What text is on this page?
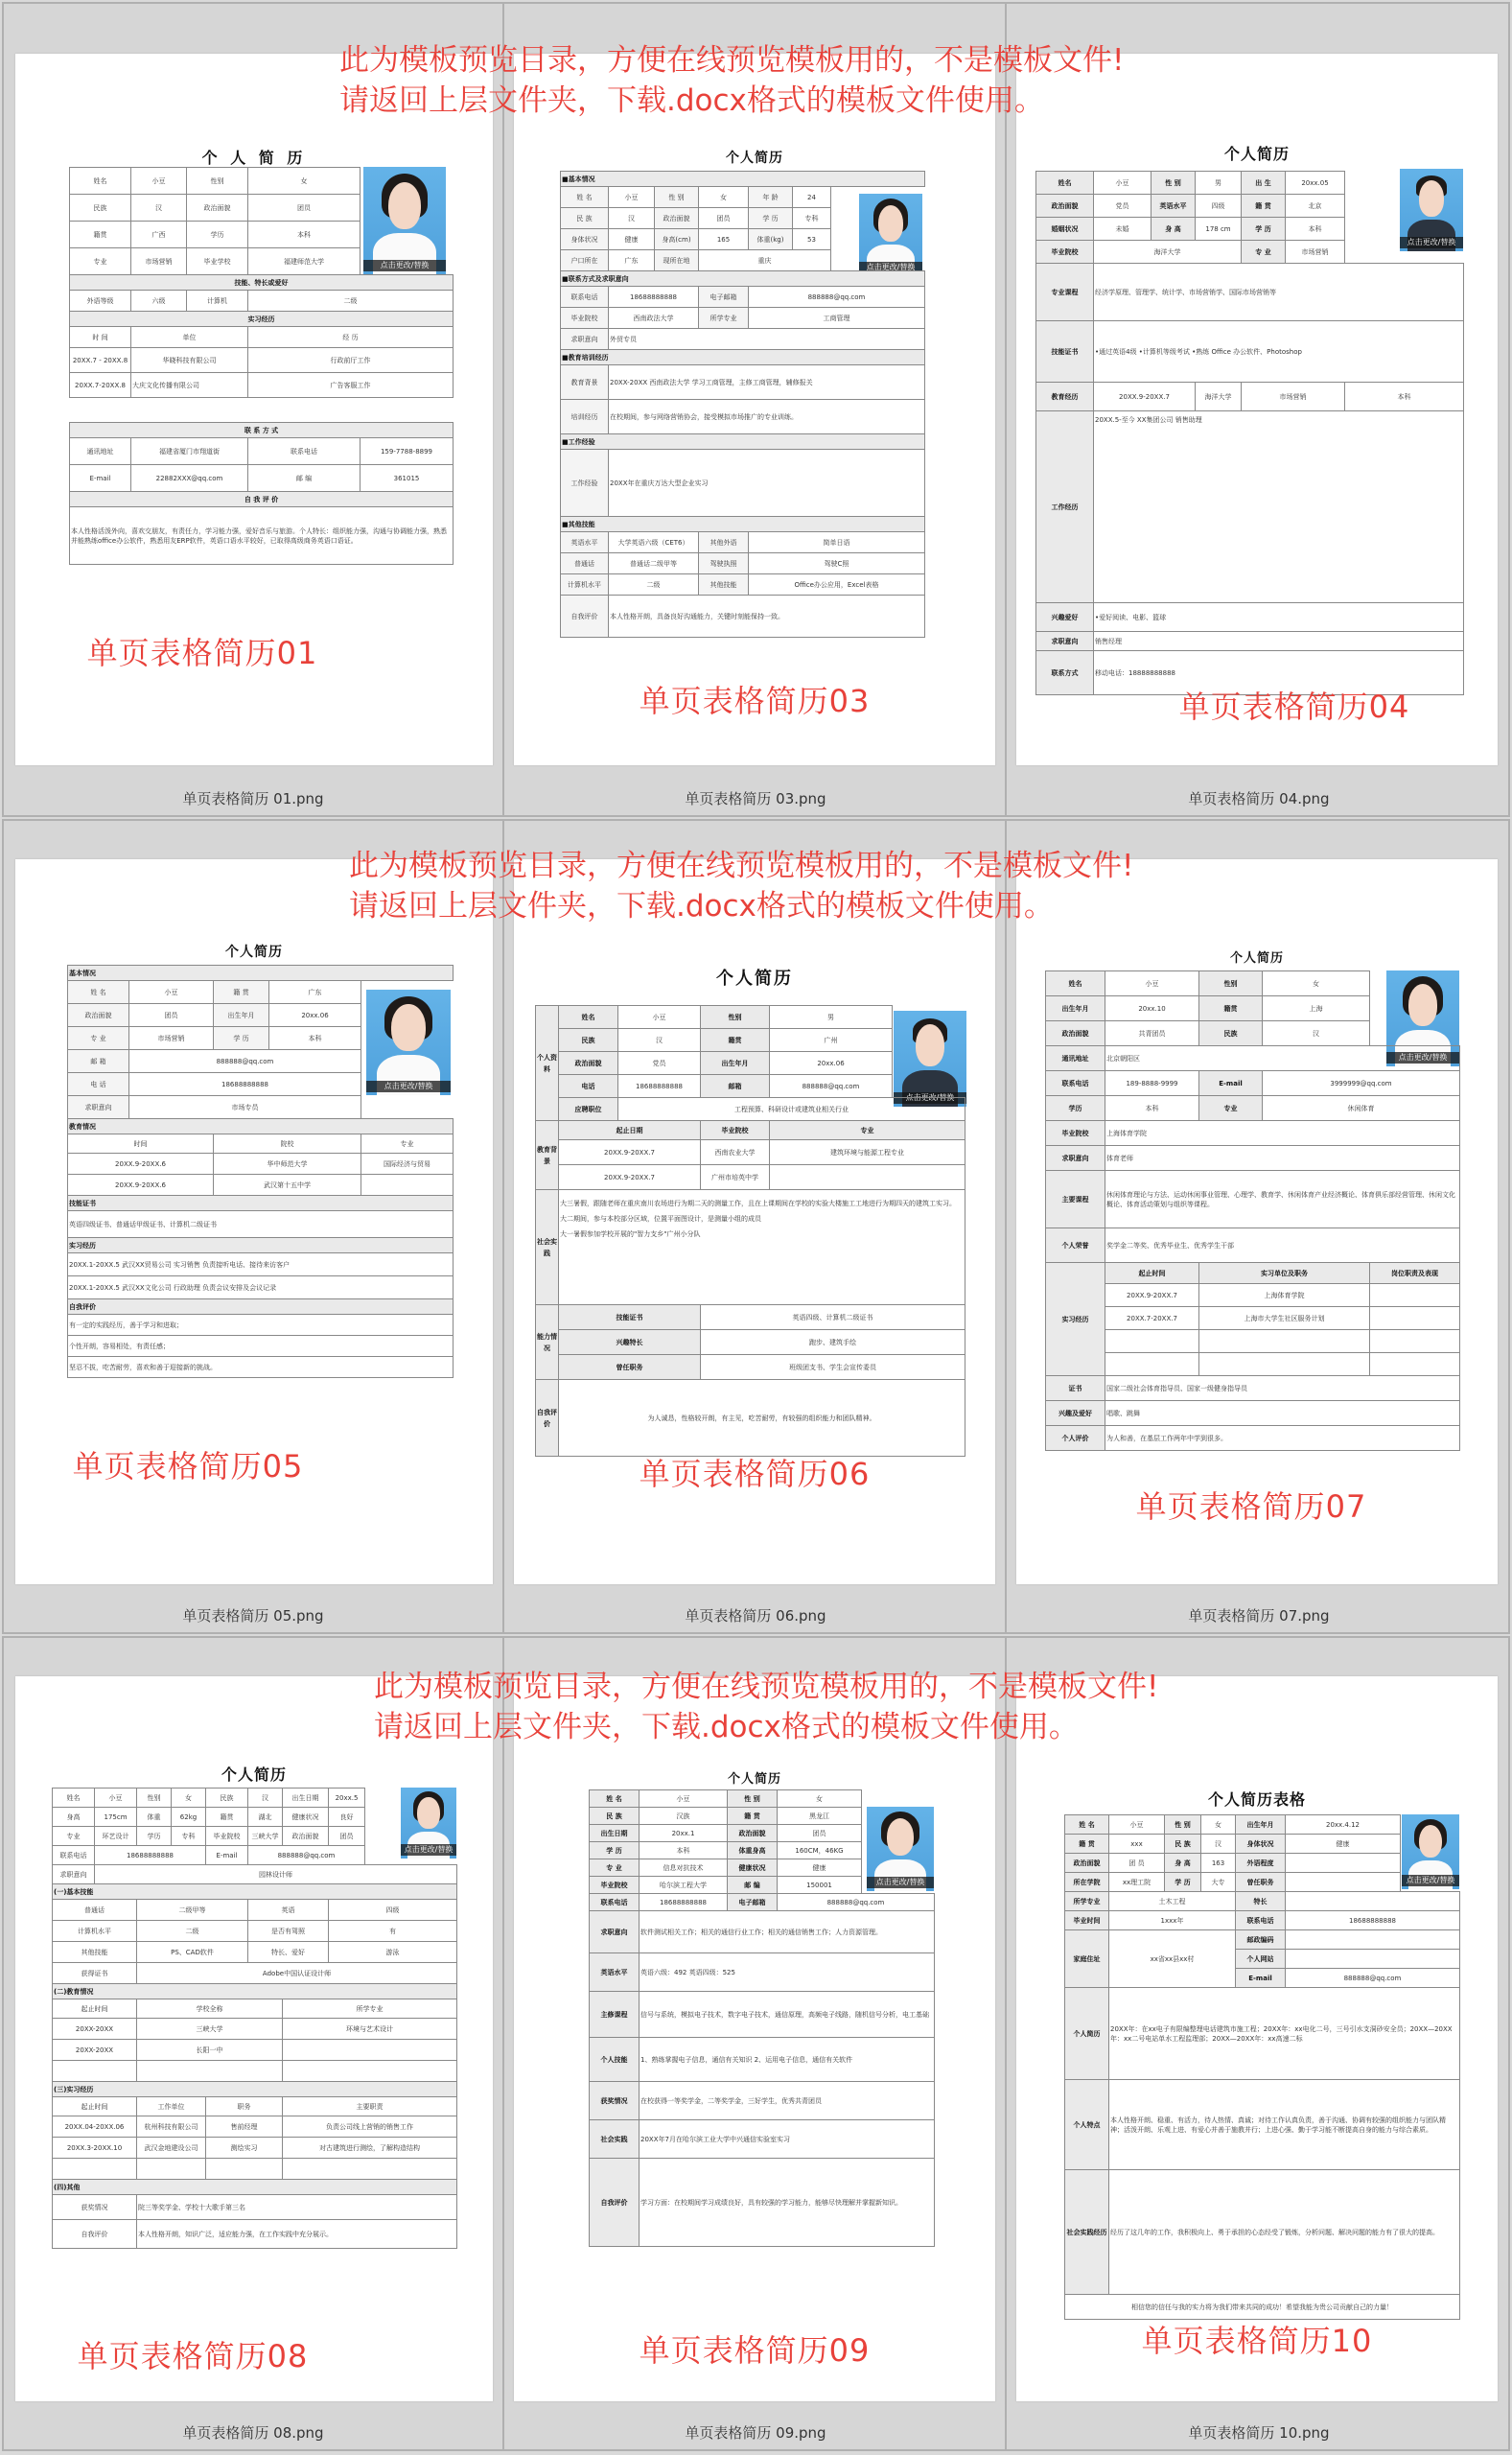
此为模板预览目录，方便在线预览模板用的，不是模板文件!
请返回上层文件夹，下载.docx格式的模板文件使用。
个 人 简 历
点击更改/替换
姓名	小豆	性别	女	
民族	汉	政治面貌	团员	
籍贯	广西	学历	本科	
专业	市场营销	毕业学校	福建师范大学	
技能、特长或爱好				
外语等级	六级	计算机	二级	
实习经历				
时 间	单位		经 历	
20XX.7 - 20XX.8	华晓科技有限公司		行政前厅工作	
20XX.7-20XX.8	大庆文化传播有限公司		广告客服工作	

联 系 方 式				
通讯地址	福建省厦门市翔道街		联系电话	159-7788-8899
E-mail	22882XXX@qq.com		邮 编	361015
自 我 评 价				
本人性格活泼外向，喜欢交朋友，有责任力，学习能力强，爱好音乐与旅游。个人特长：组织能力强，沟通与协调能力强，熟悉并能熟练office办公软件，熟悉用友ERP软件，英语口语水平较好，已取得高级商务英语口语证。				
单页表格简历01
单页表格简历 01.png
个人简历
点击更改/替换
■基本情况						
姓 名	小豆	性 别	女	年 龄	24	
民 族	汉	政治面貌	团员	学 历	专科	
身体状况	健康	身高(cm)	165	体重(kg)	53	
户口所在	广东	现所在地	重庆			
■联系方式及求职意向						
联系电话	18688888888		电子邮箱	888888@qq.com		
毕业院校	西南政法大学		所学专业	工商管理		
求职意向	外贸专员					
■教育培训经历						
教育背景	20XX-20XX 西南政法大学 学习工商管理，主修工商管理，辅修报关					
培训经历	在校期间，参与网络营销协会，接受模拟市场推广的专业训练。					
■工作经验						
工作经验	20XX年在重庆万达大型企业实习					
■其他技能						
英语水平	大学英语六级（CET6）		其他外语	简单日语		
普通话	普通话二级甲等		驾驶执照	驾驶C照		
计算机水平	二级		其他技能	Office办公应用，Excel表格		
自我评价	本人性格开朗，具备良好沟通能力，关键时刻能保持一致。					
单页表格简历03
单页表格简历 03.png
个人简历
点击更改/替换
姓名	小豆	性 别	男	出 生	20xx.05	
政治面貌	党员	英语水平	四级	籍 贯	北京	
婚姻状况	未婚	身 高	178 cm	学 历	本科	
毕业院校	海洋大学			专 业	市场营销	
专业课程	经济学原理、管理学、统计学、市场营销学、国际市场营销等					
技能证书	•通过英语4级 •计算机等级考试 •熟练 Office 办公软件、Photoshop					
教育经历	20XX.9-20XX.7		海洋大学	市场营销		本科
工作经历	20XX.5-至今 XX集团公司 销售助理					
兴趣爱好	•爱好阅读、电影、篮球					
求职意向	销售经理					
联系方式	移动电话：18888888888					
单页表格简历04
单页表格简历 04.png
此为模板预览目录，方便在线预览模板用的，不是模板文件!
请返回上层文件夹，下载.docx格式的模板文件使用。
个人简历
点击更改/替换
基本情况				
姓 名	小豆	籍 贯	广东	
政治面貌	团员	出生年月	20xx.06	
专 业	市场营销	学 历	本科	
邮 箱	888888@qq.com			
电 话	18688888888			
求职意向	市场专员			
教育情况				
时间		院校		专业
20XX.9-20XX.6		华中师范大学		国际经济与贸易
20XX.9-20XX.6		武汉第十五中学		
技能证书				
英语四级证书、普通话甲级证书、计算机二级证书				
实习经历				
20XX.1-20XX.5 武汉XX贸易公司 实习销售 负责接听电话、接待来访客户				
20XX.1-20XX.5 武汉XX文化公司 行政助理 负责会议安排及会议记录				
自我评价				
有一定的实践经历，善于学习和进取；				
个性开朗，容易相处，有责任感；				
坚忍不拔，吃苦耐劳，喜欢和善于迎接新的挑战。				
单页表格简历05
单页表格简历 05.png
个人简历
点击更改/替换
个人资料	姓名	小豆	性别	男	
	民族	汉	籍贯	广州	
	政治面貌	党员	出生年月	20xx.06	
	电话	18688888888	邮箱	888888@qq.com	
	应聘职位	工程预算、科研设计或建筑业相关行业			
教育背景	起止日期		毕业院校	专业	
	20XX.9-20XX.7		西南农业大学	建筑环境与能源工程专业	
	20XX.9-20XX.7		广州市培英中学		
社会实践	大三暑假，跟随老师在重庆南川农场进行为期二天的测量工作，且在上课期间在学校的实验大楼施工工地进行为期四天的建筑工实习。
大二期间，参与本校部分区域，位置平面图设计，是测量小组的成员
大一暑假参加学校开展的"智力支乡"广州小分队				

能力情况	技能证书		英语四级、计算机二级证书		
	兴趣特长		跑步、建筑手绘		
	曾任职务		班级团支书、学生会宣传委员		
自我评价	为人诚恳，性格较开朗，有主见，吃苦耐劳，有较强的组织能力和团队精神。				
单页表格简历06
单页表格简历 06.png
个人简历
点击更改/替换
姓名	小豆	性别	女	
出生年月	20xx.10	籍贯	上海	
政治面貌	共青团员	民族	汉	
通讯地址	北京朝阳区			
联系电话	189-8888-9999	E-mail	3999999@qq.com	
学历	本科	专业	休闲体育	
毕业院校	上海体育学院			
求职意向	体育老师			
主要课程	休闲体育理论与方法、运动休闲事业管理、心理学、教育学、休闲体育产业经济概论、体育俱乐部经营管理、休闲文化概论、体育活动策划与组织等课程。			
个人荣誉	奖学金二等奖、优秀毕业生、优秀学生干部			
实习经历	起止时间	实习单位及职务		岗位职责及表现
	20XX.9-20XX.7	上海体育学院		
	20XX.7-20XX.7	上海市大学生社区服务计划		

证书	国家二级社会体育指导员、国家一级健身指导员			
兴趣及爱好	唱歌、跳舞			
个人评价	为人和善，在基层工作两年中学到很多。			
单页表格简历07
单页表格简历 07.png
此为模板预览目录，方便在线预览模板用的，不是模板文件!
请返回上层文件夹，下载.docx格式的模板文件使用。
个人简历
点击更改/替换
姓名	小豆	性别	女	民族	汉	出生日期	20xx.5	
身高	175cm	体重	62kg	籍贯	湖北	健康状况	良好	
专业	环艺设计	学历	专科	毕业院校	三峡大学	政治面貌	团员	
联系电话	18688888888			E-mail	888888@qq.com			
求职意向	园林设计师							
(一)基本技能								
普通话		二级甲等			英语		四级	
计算机水平		二级			是否有驾照		有	
其他技能		PS、CAD软件			特长、爱好		游泳	
获得证书		Adobe中国认证设计师						
(二)教育情况								
起止时间		学校全称				所学专业		
20XX-20XX		三峡大学				环境与艺术设计		
20XX-20XX		长阳一中						

(三)实习经历								
起止时间		工作单位		职务		主要职责		
20XX.04-20XX.06		杭州科技有限公司		售前经理		负责公司线上营销的销售工作		
20XX.3-20XX.10		武汉金地建设公司		测绘实习		对古建筑进行测绘，了解构造结构		

(四)其他								
获奖情况		院三等奖学金、学校十大歌手第三名						
自我评价		本人性格开朗，知识广泛，适应能力强，在工作实践中充分展示。						
单页表格简历08
单页表格简历 08.png
个人简历
点击更改/替换
姓 名	小豆	性 别	女	
民 族	汉族	籍 贯	黑龙江	
出生日期	20xx.1	政治面貌	团员	
学 历	本科	体重身高	160CM，46KG	
专 业	信息对抗技术	健康状况	健康	
毕业院校	哈尔滨工程大学	邮 编	150001	
联系电话	18688888888	电子邮箱	888888@qq.com	
求职意向	软件测试相关工作；相关的通信行业工作；相关的通信销售工作；人力资源管理。			
英语水平	英语六级：492 英语四级：525			
主修课程	信号与系统，模拟电子技术，数字电子技术，通信原理，高频电子线路，随机信号分析，电工基础			
个人技能	1、熟练掌握电子信息，通信有关知识 2、运用电子信息，通信有关软件			
获奖情况	在校获得一等奖学金，二等奖学金，三好学生，优秀共青团员			
社会实践	20XX年7月在哈尔滨工业大学中兴通信实验室实习			
自我评价	学习方面：在校期间学习成绩良好，具有较强的学习能力，能够尽快理解并掌握新知识。			
单页表格简历09
单页表格简历 09.png
个人简历表格
点击更改/替换
姓 名	小豆	性 别	女	出生年月	20xx.4.12	
籍 贯	xxx	民 族	汉	身体状况	健康	
政治面貌	团 员	身 高	163	外语程度		
所在学院	xx理工院	学 历	大专	曾任职务		
所学专业	土木工程			特长		
毕业时间	1xxx年			联系电话	18688888888	
家庭住址	xx省xx县xx村			邮政编码		
				个人网站		
				E-mail	888888@qq.com	
个人简历	20XX年：在xx电子有限编整理电话建筑市施工程；20XX年：xx电化二号，三号引水支洞砂安全员；20XX—20XX年：xx二号电站单水工程监理部；20XX—20XX年：xx高速二标					
个人特点	本人性格开朗、稳重、有活力，待人热情、真诚；对待工作认真负责，善于沟通、协调有较强的组织能力与团队精神；活泼开朗、乐观上进、有爱心并善于施教并行；上进心强、勤于学习能不断提高自身的能力与综合素质。					
社会实践经历	经历了这几年的工作，我积极向上、勇于承担的心态经受了锻炼，分析问题、解决问题的能力有了很大的提高。					
相信您的信任与我的实力将为我们带来共同的成功！希望我能为贵公司贡献自己的力量！						
单页表格简历10
单页表格简历 10.png
